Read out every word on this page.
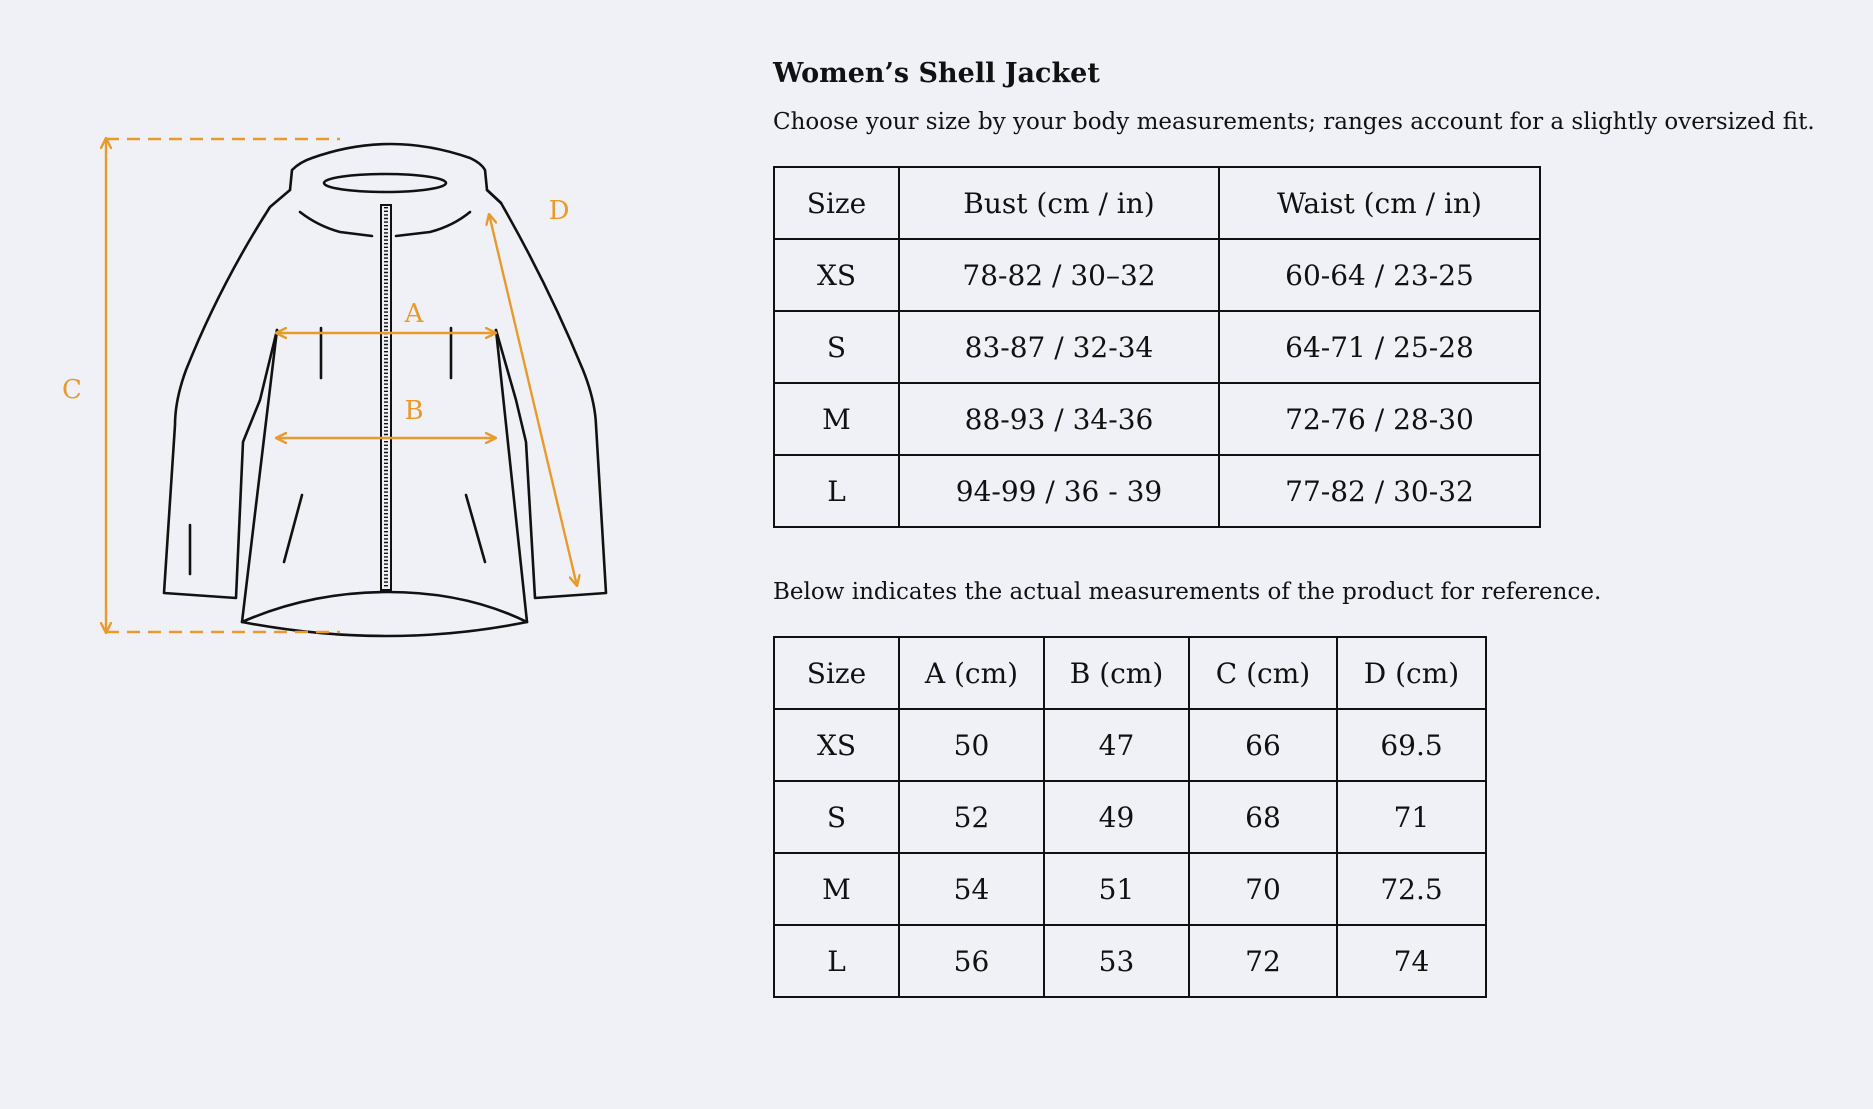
A
B
C
D
Women’s Shell Jacket

Choose your size by your body measurements; ranges account for a slightly oversized fit.

Size	Bust (cm / in)	Waist (cm / in)
XS	78-82 / 30–32	60-64 / 23-25
S	83-87 / 32-34	64-71 / 25-28
M	88-93 / 34-36	72-76 / 28-30
L	94-99 / 36 - 39	77-82 / 30-32

Below indicates the actual measurements of the product for reference.

Size	A (cm)	B (cm)	C (cm)	D (cm)
XS	50	47	66	69.5
S	52	49	68	71
M	54	51	70	72.5
L	56	53	72	74
